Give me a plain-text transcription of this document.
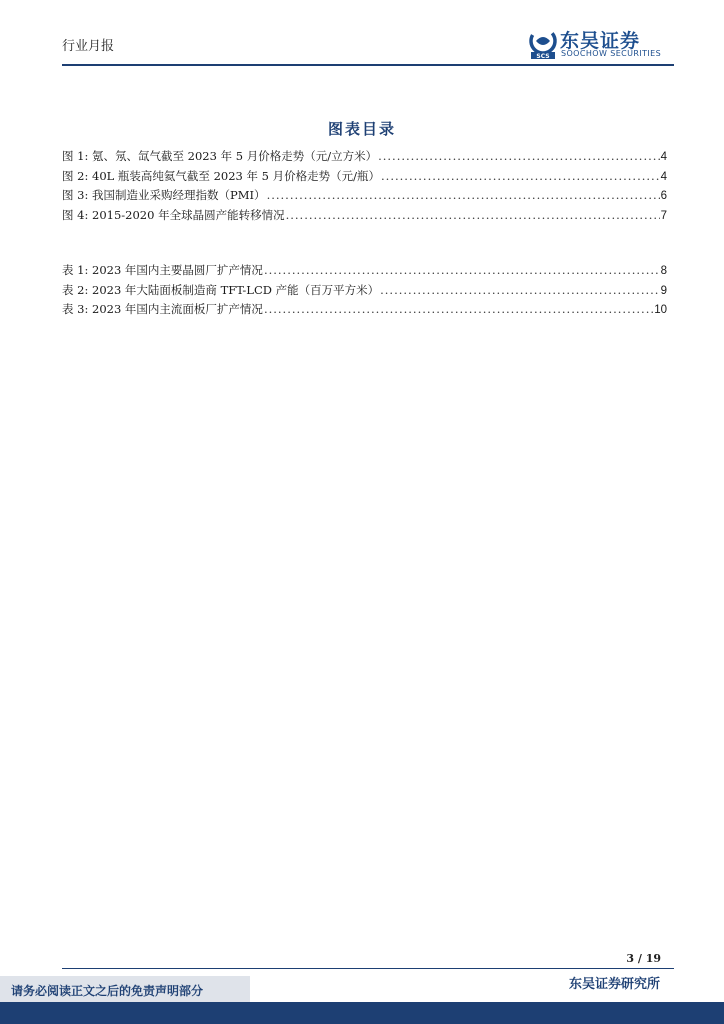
行业月报
SCS
东吴证券
SOOCHOW SECURITIES
图表目录
图 1: 氪、氖、氙气截至 2023 年 5 月价格走势（元/立方米） .....	4
图 2: 40L 瓶装高纯氦气截至 2023 年 5 月价格走势（元/瓶） .....	4
图 3: 我国制造业采购经理指数（PMI） .....	6
图 4: 2015-2020 年全球晶圆产能转移情况 .....	7
表 1: 2023 年国内主要晶圆厂扩产情况 .....	8
表 2: 2023 年大陆面板制造商 TFT-LCD 产能（百万平方米） .....	9
表 3: 2023 年国内主流面板厂扩产情况 .....	10
3 / 19
东吴证券研究所
请务必阅读正文之后的免责声明部分
